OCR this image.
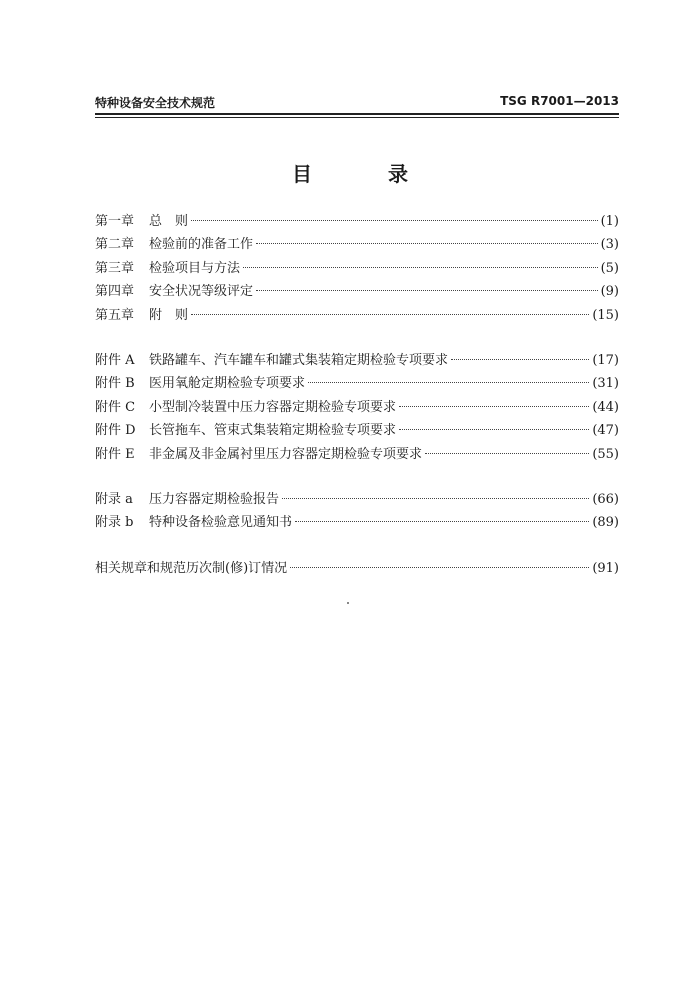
特种设备安全技术规范	TSG R7001—2013
目　录
第一章	总　则	(1)
第二章	检验前的准备工作	(3)
第三章	检验项目与方法	(5)
第四章	安全状况等级评定	(9)
第五章	附　则	(15)
附件 A	铁路罐车、汽车罐车和罐式集装箱定期检验专项要求	(17)
附件 B	医用氧舱定期检验专项要求	(31)
附件 C	小型制冷装置中压力容器定期检验专项要求	(44)
附件 D	长管拖车、管束式集装箱定期检验专项要求	(47)
附件 E	非金属及非金属衬里压力容器定期检验专项要求	(55)
附录 a	压力容器定期检验报告	(66)
附录 b	特种设备检验意见通知书	(89)
相关规章和规范历次制(修)订情况	(91)
